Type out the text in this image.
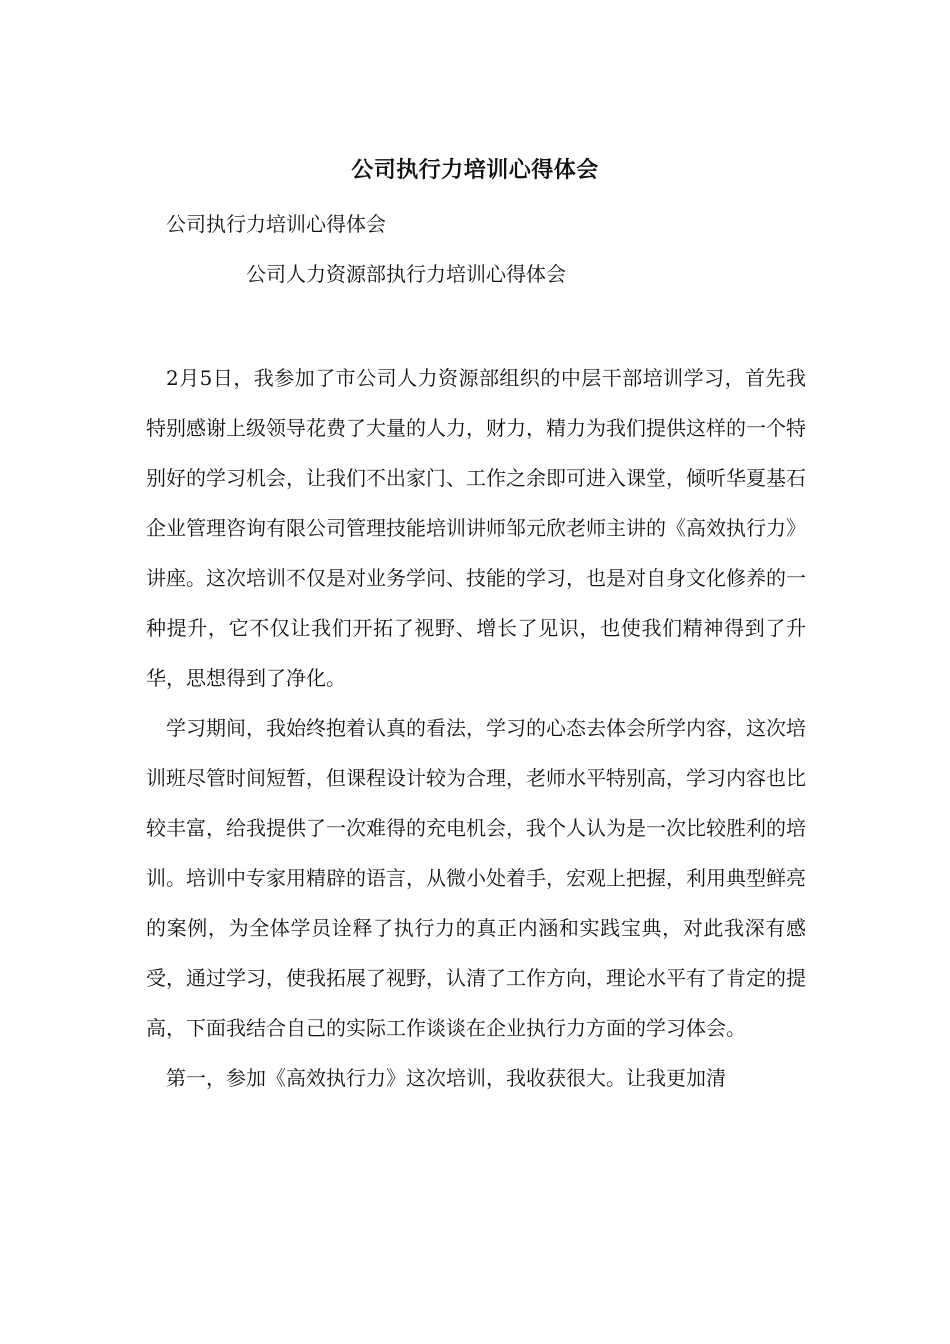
公司执行力培训心得体会
公司执行力培训心得体会
公司人力资源部执行力培训心得体会

2月5日，我参加了市公司人力资源部组织的中层干部培训学习，首先我特别感谢上级领导花费了大量的人力，财力，精力为我们提供这样的一个特别好的学习机会，让我们不出家门、工作之余即可进入课堂，倾听华夏基石企业管理咨询有限公司管理技能培训讲师邹元欣老师主讲的《高效执行力》讲座。这次培训不仅是对业务学问、技能的学习，也是对自身文化修养的一种提升，它不仅让我们开拓了视野、增长了见识，也使我们精神得到了升华，思想得到了净化。

学习期间，我始终抱着认真的看法，学习的心态去体会所学内容，这次培训班尽管时间短暂，但课程设计较为合理，老师水平特别高，学习内容也比较丰富，给我提供了一次难得的充电机会，我个人认为是一次比较胜利的培训。培训中专家用精辟的语言，从微小处着手，宏观上把握，利用典型鲜亮的案例，为全体学员诠释了执行力的真正内涵和实践宝典，对此我深有感受，通过学习，使我拓展了视野，认清了工作方向，理论水平有了肯定的提高，下面我结合自己的实际工作谈谈在企业执行力方面的学习体会。

第一，参加《高效执行力》这次培训，我收获很大。让我更加清
